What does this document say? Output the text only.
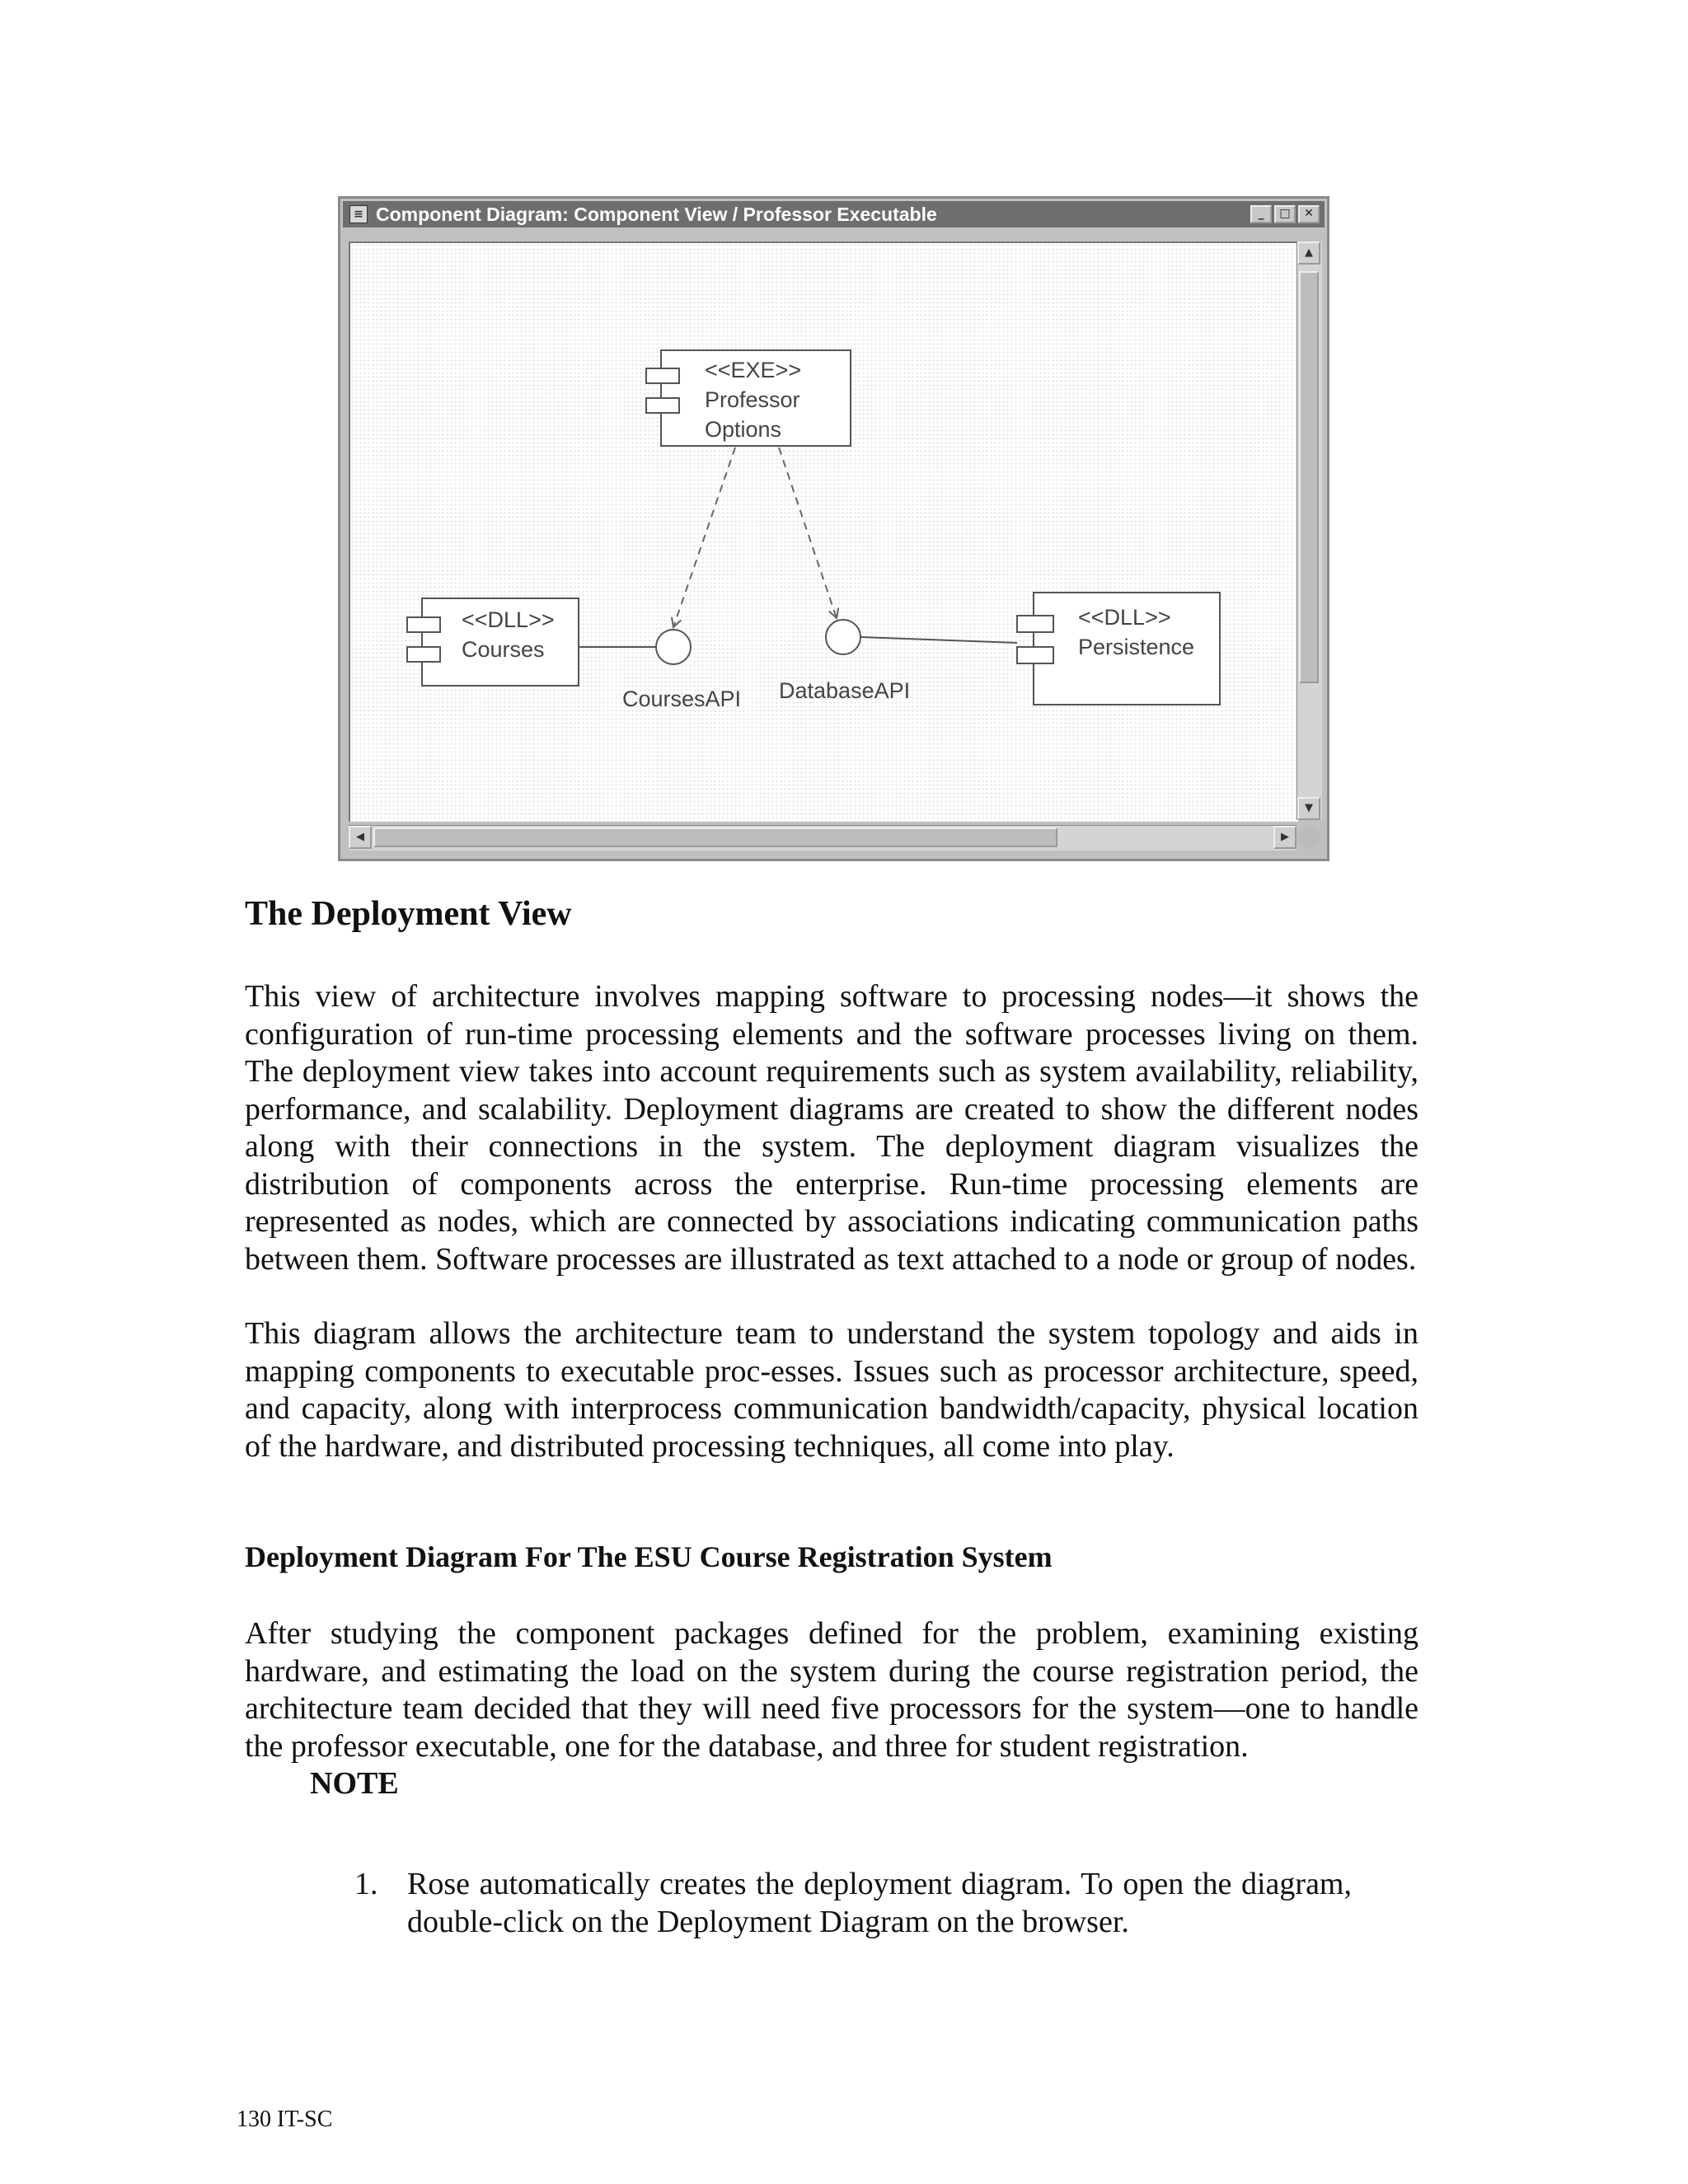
≡ Component Diagram: Component View / Professor Executable	_	□	✕
<<EXE>>
Professor
Options
<<DLL>>
Courses
<<DLL>>
Persistence
CoursesAPI DatabaseAPI
▲
▼
◀	▶
The Deployment View
This view of architecture involves mapping software to processing nodes—it shows the configuration of run-time processing elements and the software processes living on them. The deployment view takes into account requirements such as system availability, reliability, performance, and scalability. Deployment diagrams are created to show the different nodes along with their connections in the system. The deployment diagram visualizes the distribution of components across the enterprise. Run-time processing elements are represented as nodes, which are connected by associations indicating communication paths between them. Software processes are illustrated as text attached to a node or group of nodes.
This diagram allows the architecture team to understand the system topology and aids in mapping components to executable proc-esses. Issues such as processor architecture, speed, and capacity, along with interprocess communication bandwidth/capacity, physical location of the hardware, and distributed processing techniques, all come into play.
Deployment Diagram For The ESU Course Registration System
After studying the component packages defined for the problem, examining existing hardware, and estimating the load on the system during the course registration period, the architecture team decided that they will need five processors for the system—one to handle the professor executable, one for the database, and three for student registration.
NOTE
1. Rose automatically creates the deployment diagram. To open the diagram, double-click on the Deployment Diagram on the browser.
130 IT-SC
